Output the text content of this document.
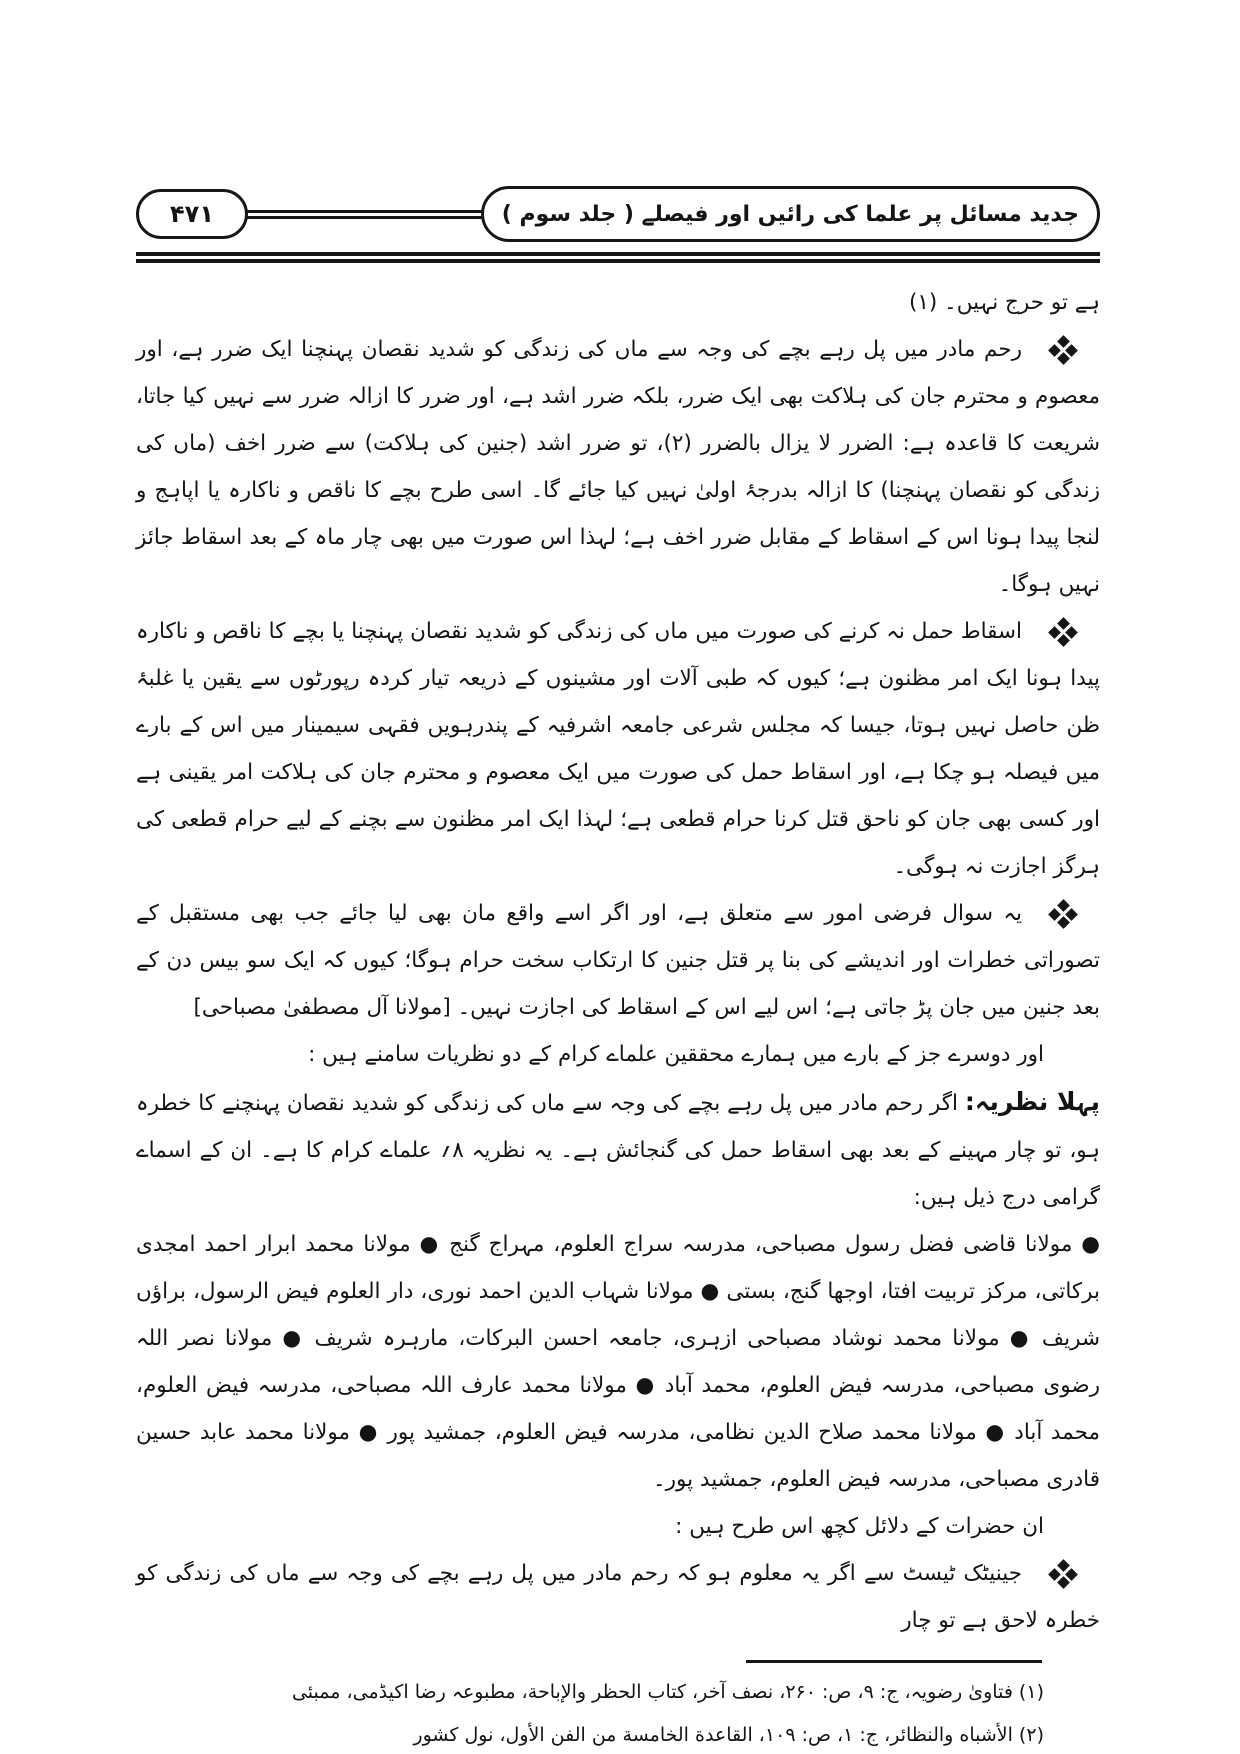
جدید مسائل پر علما کی رائیں اور فیصلے ( جلد سوم )
۴۷۱

ہے تو حرج نہیں۔ (۱)

رحم مادر میں پل رہے بچے کی وجہ سے ماں کی زندگی کو شدید نقصان پہنچنا ایک ضرر ہے، اور معصوم و محترم جان کی ہلاکت بھی ایک ضرر، بلکہ ضرر اشد ہے، اور ضرر کا ازالہ ضرر سے نہیں کیا جاتا، شریعت کا قاعدہ ہے: الضرر لا یزال بالضرر (۲)، تو ضرر اشد (جنین کی ہلاکت) سے ضرر اخف (ماں کی زندگی کو نقصان پہنچنا) کا ازالہ بدرجۂ اولیٰ نہیں کیا جائے گا۔ اسی طرح بچے کا ناقص و ناکارہ یا اپاہج و لنجا پیدا ہونا اس کے اسقاط کے مقابل ضرر اخف ہے؛ لہذا اس صورت میں بھی چار ماہ کے بعد اسقاط جائز نہیں ہوگا۔

اسقاط حمل نہ کرنے کی صورت میں ماں کی زندگی کو شدید نقصان پہنچنا یا بچے کا ناقص و ناکارہ پیدا ہونا ایک امر مظنون ہے؛ کیوں کہ طبی آلات اور مشینوں کے ذریعہ تیار کردہ رپورٹوں سے یقین یا غلبۂ ظن حاصل نہیں ہوتا، جیسا کہ مجلس شرعی جامعہ اشرفیہ کے پندرہویں فقہی سیمینار میں اس کے بارے میں فیصلہ ہو چکا ہے، اور اسقاط حمل کی صورت میں ایک معصوم و محترم جان کی ہلاکت امر یقینی ہے اور کسی بھی جان کو ناحق قتل کرنا حرام قطعی ہے؛ لہذا ایک امر مظنون سے بچنے کے لیے حرام قطعی کی ہرگز اجازت نہ ہوگی۔

یہ سوال فرضی امور سے متعلق ہے، اور اگر اسے واقع مان بھی لیا جائے جب بھی مستقبل کے تصوراتی خطرات اور اندیشے کی بنا پر قتل جنین کا ارتکاب سخت حرام ہوگا؛ کیوں کہ ایک سو بیس دن کے بعد جنین میں جان پڑ جاتی ہے؛ اس لیے اس کے اسقاط کی اجازت نہیں۔ [مولانا آل مصطفیٰ مصباحی]

اور دوسرے جز کے بارے میں ہمارے محققین علماے کرام کے دو نظریات سامنے ہیں :

پہلا نظریہ: اگر رحم مادر میں پل رہے بچے کی وجہ سے ماں کی زندگی کو شدید نقصان پہنچنے کا خطرہ ہو، تو چار مہینے کے بعد بھی اسقاط حمل کی گنجائش ہے۔ یہ نظریہ ۸؍ علماے کرام کا ہے۔ ان کے اسماے گرامی درج ذیل ہیں:

● مولانا قاضی فضل رسول مصباحی، مدرسہ سراج العلوم، مہراج گنج ● مولانا محمد ابرار احمد امجدی برکاتی، مرکز تربیت افتا، اوجھا گنج، بستی ● مولانا شہاب الدین احمد نوری، دار العلوم فیض الرسول، براؤں شریف ● مولانا محمد نوشاد مصباحی ازہری، جامعہ احسن البرکات، مارہرہ شریف ● مولانا نصر اللہ رضوی مصباحی، مدرسہ فیض العلوم، محمد آباد ● مولانا محمد عارف اللہ مصباحی، مدرسہ فیض العلوم، محمد آباد ● مولانا محمد صلاح الدین نظامی، مدرسہ فیض العلوم، جمشید پور ● مولانا محمد عابد حسین قادری مصباحی، مدرسہ فیض العلوم، جمشید پور۔

ان حضرات کے دلائل کچھ اس طرح ہیں :

جینیٹک ٹیسٹ سے اگر یہ معلوم ہو کہ رحم مادر میں پل رہے بچے کی وجہ سے ماں کی زندگی کو خطرہ لاحق ہے تو چار

(۱) فتاویٰ رضویہ، ج: ۹، ص: ۲۶۰، نصف آخر، کتاب الحظر والإباحة، مطبوعہ رضا اکیڈمی، ممبئی

(۲) الأشباه والنظائر، ج: ۱، ص: ۱۰۹، القاعدة الخامسة من الفن الأول، نول کشور
